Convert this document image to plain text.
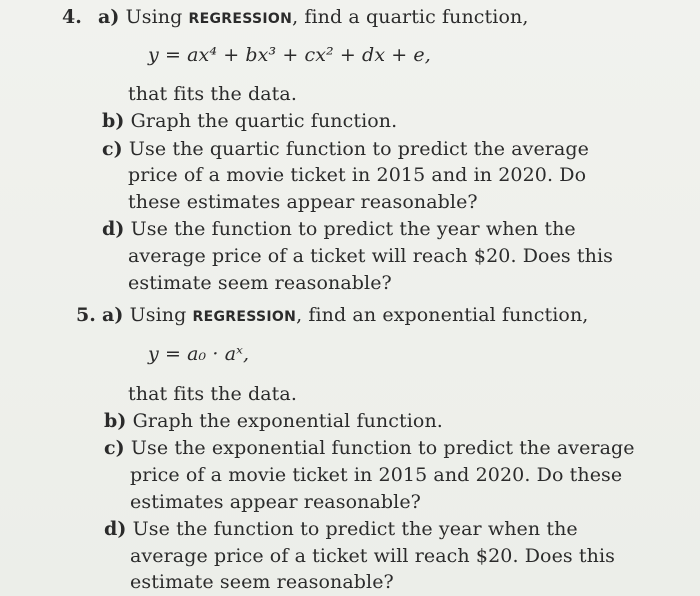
4. a) Using REGRESSION, find a quartic function,
y = ax⁴ + bx³ + cx² + dx + e,
that fits the data.
b) Graph the quartic function.
c) Use the quartic function to predict the average
price of a movie ticket in 2015 and in 2020. Do
these estimates appear reasonable?
d) Use the function to predict the year when the
average price of a ticket will reach $20. Does this
estimate seem reasonable?
5. a) Using REGRESSION, find an exponential function,
y = a₀ · aˣ,
that fits the data.
b) Graph the exponential function.
c) Use the exponential function to predict the average
price of a movie ticket in 2015 and 2020. Do these
estimates appear reasonable?
d) Use the function to predict the year when the
average price of a ticket will reach $20. Does this
estimate seem reasonable?
